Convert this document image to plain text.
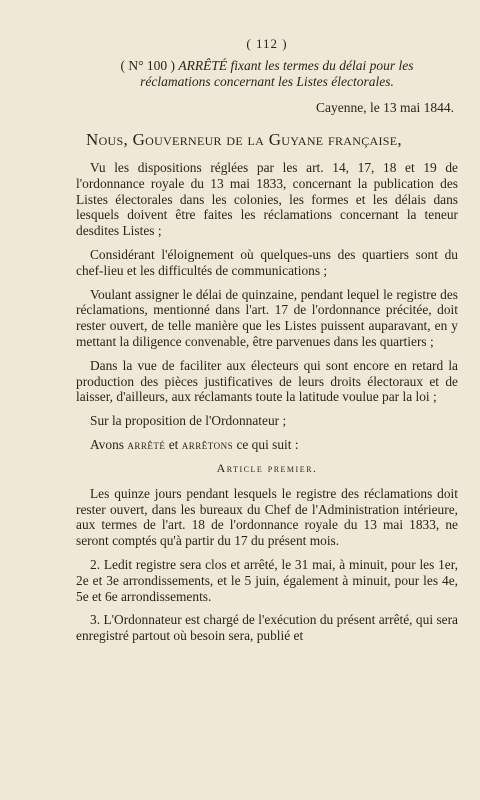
( 112 )
( N° 100 ) ARRÊTÉ fixant les termes du délai pour les
réclamations concernant les Listes électorales.
Cayenne, le 13 mai 1844.
Nous, Gouverneur de la Guyane française,

Vu les dispositions réglées par les art. 14, 17, 18 et 19 de l'ordonnance royale du 13 mai 1833, concernant la publication des Listes électorales dans les colonies, les formes et les délais dans lesquels doivent être faites les réclamations concernant la teneur desdites Listes ;

Considérant l'éloignement où quelques-uns des quartiers sont du chef-lieu et les difficultés de communications ;

Voulant assigner le délai de quinzaine, pendant lequel le registre des réclamations, mentionné dans l'art. 17 de l'ordonnance précitée, doit rester ouvert, de telle manière que les Listes puissent auparavant, en y mettant la diligence convenable, être parvenues dans les quartiers ;

Dans la vue de faciliter aux électeurs qui sont encore en retard la production des pièces justificatives de leurs droits électoraux et de laisser, d'ailleurs, aux réclamants toute la latitude voulue par la loi ;

Sur la proposition de l'Ordonnateur ;

Avons arrêté et arrêtons ce qui suit :

Article premier.

Les quinze jours pendant lesquels le registre des réclamations doit rester ouvert, dans les bureaux du Chef de l'Administration intérieure, aux termes de l'art. 18 de l'ordonnance royale du 13 mai 1833, ne seront comptés qu'à partir du 17 du présent mois.

2. Ledit registre sera clos et arrêté, le 31 mai, à minuit, pour les 1er, 2e et 3e arrondissements, et le 5 juin, également à minuit, pour les 4e, 5e et 6e arrondissements.

3. L'Ordonnateur est chargé de l'exécution du présent arrêté, qui sera enregistré partout où besoin sera, publié et
